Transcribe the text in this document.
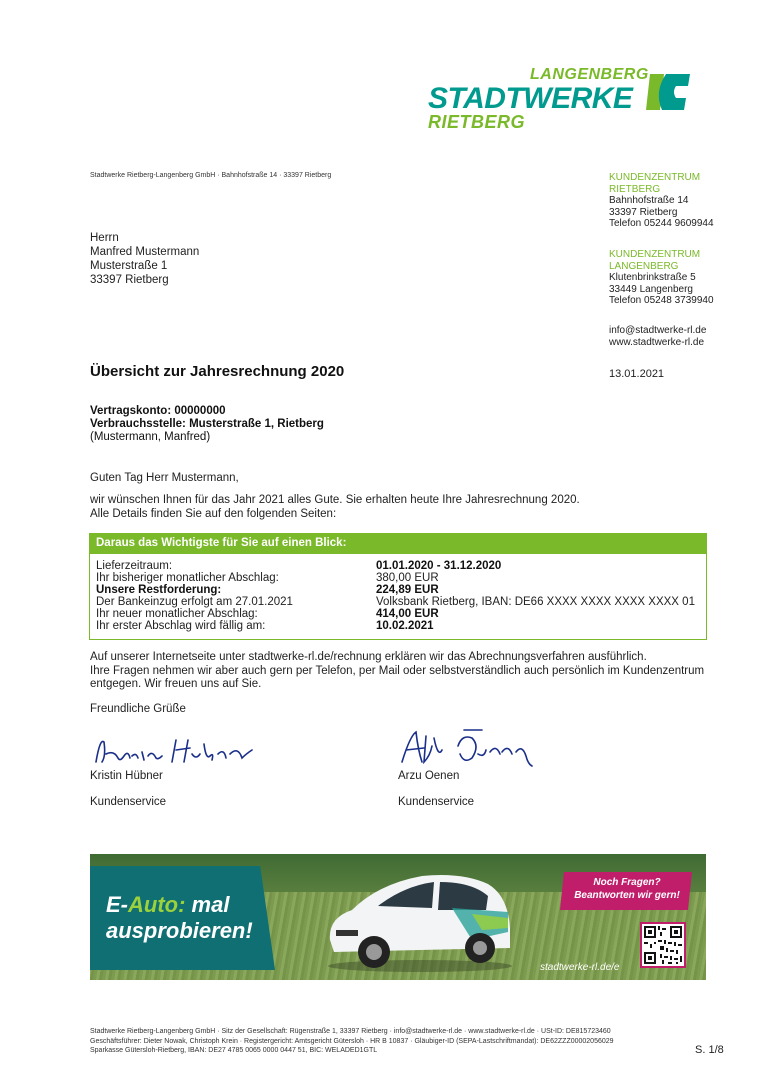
LANGENBERG
STADTWERKE
RIETBERG
Stadtwerke Rietberg-Langenberg GmbH · Bahnhofstraße 14 · 33397 Rietberg
Herrn
Manfred Mustermann
Musterstraße 1
33397 Rietberg
KUNDENZENTRUM
RIETBERG
Bahnhofstraße 14
33397 Rietberg
Telefon 05244 9609944
KUNDENZENTRUM
LANGENBERG
Klutenbrinkstraße 5
33449 Langenberg
Telefon 05248 3739940
info@stadtwerke-rl.de
www.stadtwerke-rl.de
Übersicht zur Jahresrechnung 2020	13.01.2021
Vertragskonto: 00000000
Verbrauchsstelle: Musterstraße 1, Rietberg
(Mustermann, Manfred)
Guten Tag Herr Mustermann,
wir wünschen Ihnen für das Jahr 2021 alles Gute. Sie erhalten heute Ihre Jahresrechnung 2020.
Alle Details finden Sie auf den folgenden Seiten:
Daraus das Wichtigste für Sie auf einen Blick:
Lieferzeitraum:	01.01.2020 - 31.12.2020
Ihr bisheriger monatlicher Abschlag:	380,00 EUR
Unsere Restforderung:	224,89 EUR
Der Bankeinzug erfolgt am 27.01.2021	Volksbank Rietberg, IBAN: DE66 XXXX XXXX XXXX XXXX 01
Ihr neuer monatlicher Abschlag:	414,00 EUR
Ihr erster Abschlag wird fällig am:	10.02.2021
Auf unserer Internetseite unter stadtwerke-rl.de/rechnung erklären wir das Abrechnungsverfahren ausführlich.
Ihre Fragen nehmen wir aber auch gern per Telefon, per Mail oder selbstverständlich auch persönlich im Kundenzentrum
entgegen. Wir freuen uns auf Sie.
Freundliche Grüße
Kristin Hübner
Kundenservice
Arzu Oenen
Kundenservice
E-Auto: mal
ausprobieren!
Noch Fragen?
Beantworten wir gern!
stadtwerke-rl.de/e
Stadtwerke Rietberg-Langenberg GmbH · Sitz der Gesellschaft: Rügenstraße 1, 33397 Rietberg · info@stadtwerke-rl.de · www.stadtwerke-rl.de · USt-ID: DE815723460
Geschäftsführer: Dieter Nowak, Christoph Krein · Registergericht: Amtsgericht Gütersloh · HR B 10837 · Gläubiger-ID (SEPA-Lastschriftmandat): DE62ZZZ00002056029
Sparkasse Gütersloh-Rietberg, IBAN: DE27 4785 0065 0000 0447 51, BIC: WELADED1GTL	S. 1/8
